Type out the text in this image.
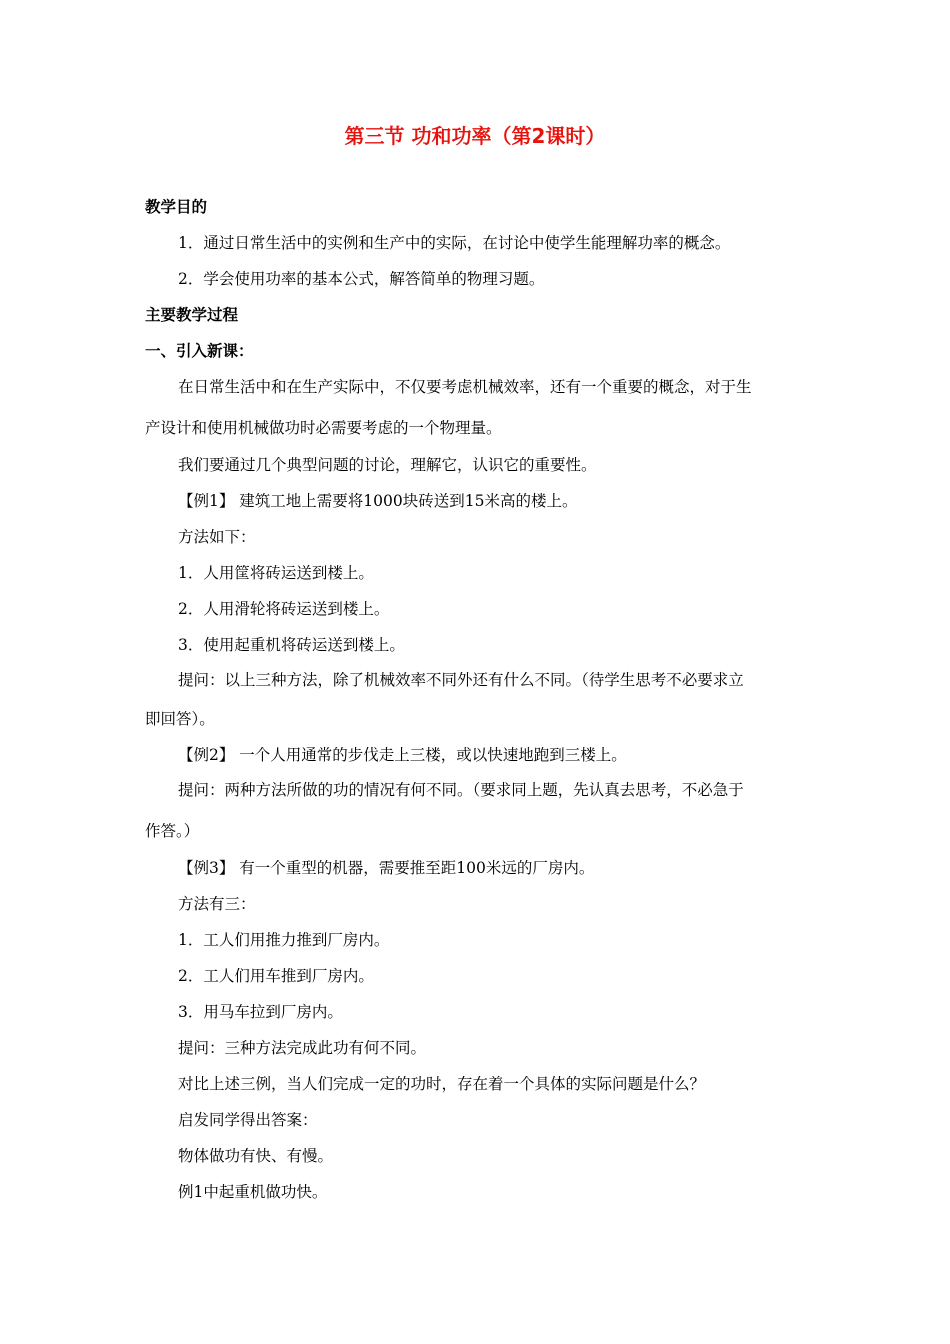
第三节 功和功率（第2课时）
教学目的
1．通过日常生活中的实例和生产中的实际，在讨论中使学生能理解功率的概念。
2．学会使用功率的基本公式，解答简单的物理习题。
主要教学过程
一、引入新课：
在日常生活中和在生产实际中，不仅要考虑机械效率，还有一个重要的概念，对于生
产设计和使用机械做功时必需要考虑的一个物理量。
我们要通过几个典型问题的讨论，理解它，认识它的重要性。
【例1】 建筑工地上需要将1000块砖送到15米高的楼上。
方法如下：
1．人用筐将砖运送到楼上。
2．人用滑轮将砖运送到楼上。
3．使用起重机将砖运送到楼上。
提问：以上三种方法，除了机械效率不同外还有什么不同。（待学生思考不必要求立
即回答）。
【例2】 一个人用通常的步伐走上三楼，或以快速地跑到三楼上。
提问：两种方法所做的功的情况有何不同。（要求同上题，先认真去思考，不必急于
作答。）
【例3】 有一个重型的机器，需要推至距100米远的厂房内。
方法有三：
1．工人们用推力推到厂房内。
2．工人们用车推到厂房内。
3．用马车拉到厂房内。
提问：三种方法完成此功有何不同。
对比上述三例，当人们完成一定的功时，存在着一个具体的实际问题是什么？
启发同学得出答案：
物体做功有快、有慢。
例1中起重机做功快。
